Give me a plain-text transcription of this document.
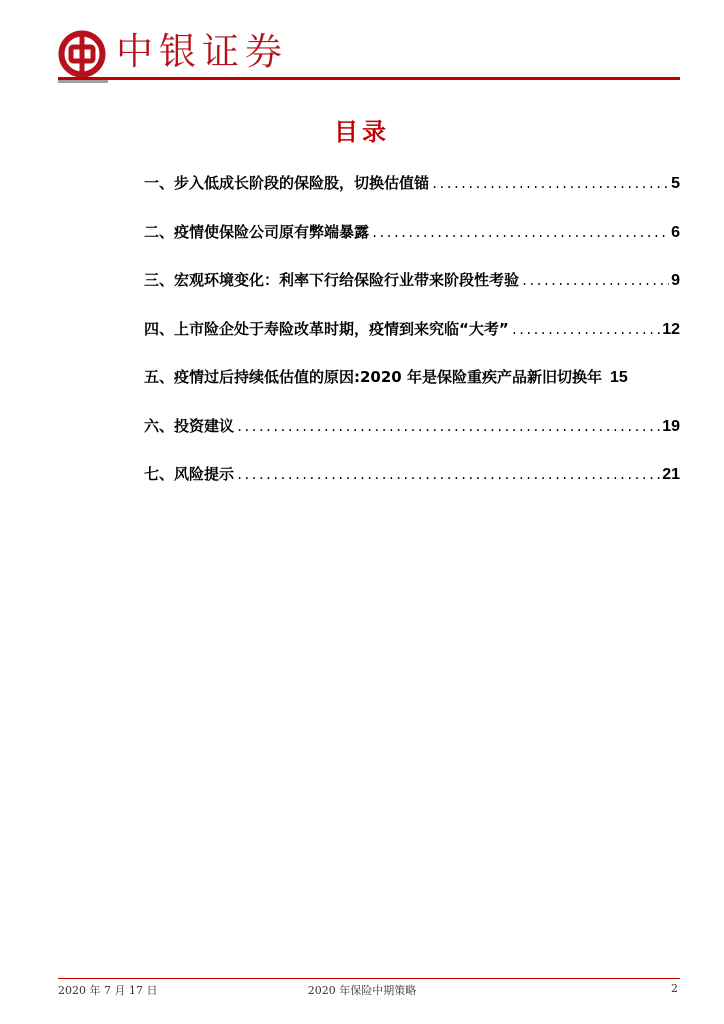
中银证券
目录
一、步入低成长阶段的保险股，切换估值锚 .....	5
二、疫情使保险公司原有弊端暴露 .....	6
三、宏观环境变化：利率下行给保险行业带来阶段性考验 .....	9
四、上市险企处于寿险改革时期，疫情到来究临“大考” .....	12
五、疫情过后持续低估值的原因:2020 年是保险重疾产品新旧切换年 15
六、投资建议 .....	19
七、风险提示 .....	21
2020 年 7 月 17 日	2020 年保险中期策略	2
